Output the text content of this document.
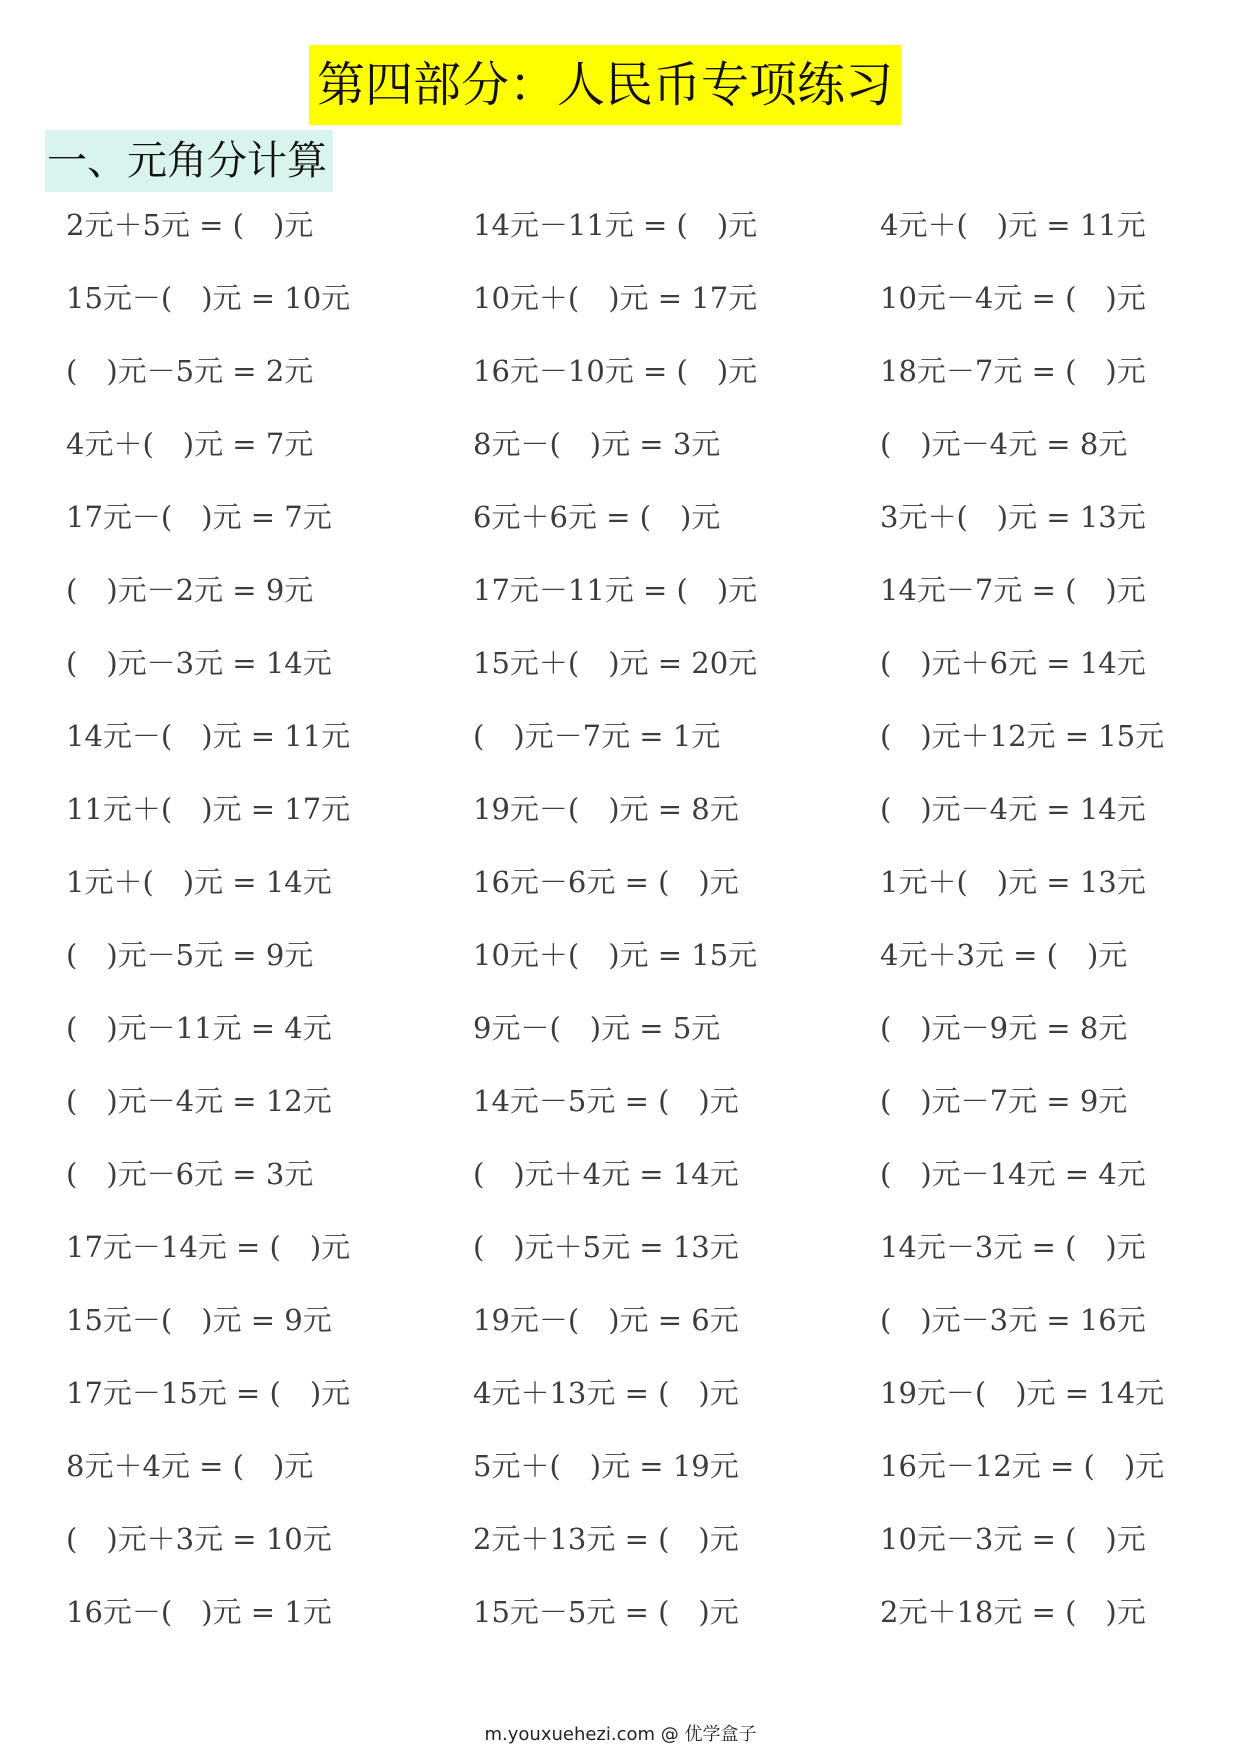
第四部分：人民币专项练习
一、元角分计算
2元＋5元 = (　)元	14元－11元 = (　)元	4元＋(　)元 = 11元
15元－(　)元 = 10元	10元＋(　)元 = 17元	10元－4元 = (　)元
(　)元－5元 = 2元	16元－10元 = (　)元	18元－7元 = (　)元
4元＋(　)元 = 7元	8元－(　)元 = 3元	(　)元－4元 = 8元
17元－(　)元 = 7元	6元＋6元 = (　)元	3元＋(　)元 = 13元
(　)元－2元 = 9元	17元－11元 = (　)元	14元－7元 = (　)元
(　)元－3元 = 14元	15元＋(　)元 = 20元	(　)元＋6元 = 14元
14元－(　)元 = 11元	(　)元－7元 = 1元	(　)元＋12元 = 15元
11元＋(　)元 = 17元	19元－(　)元 = 8元	(　)元－4元 = 14元
1元＋(　)元 = 14元	16元－6元 = (　)元	1元＋(　)元 = 13元
(　)元－5元 = 9元	10元＋(　)元 = 15元	4元＋3元 = (　)元
(　)元－11元 = 4元	9元－(　)元 = 5元	(　)元－9元 = 8元
(　)元－4元 = 12元	14元－5元 = (　)元	(　)元－7元 = 9元
(　)元－6元 = 3元	(　)元＋4元 = 14元	(　)元－14元 = 4元
17元－14元 = (　)元	(　)元＋5元 = 13元	14元－3元 = (　)元
15元－(　)元 = 9元	19元－(　)元 = 6元	(　)元－3元 = 16元
17元－15元 = (　)元	4元＋13元 = (　)元	19元－(　)元 = 14元
8元＋4元 = (　)元	5元＋(　)元 = 19元	16元－12元 = (　)元
(　)元＋3元 = 10元	2元＋13元 = (　)元	10元－3元 = (　)元
16元－(　)元 = 1元	15元－5元 = (　)元	2元＋18元 = (　)元
m.youxuehezi.com @ 优学盒子
